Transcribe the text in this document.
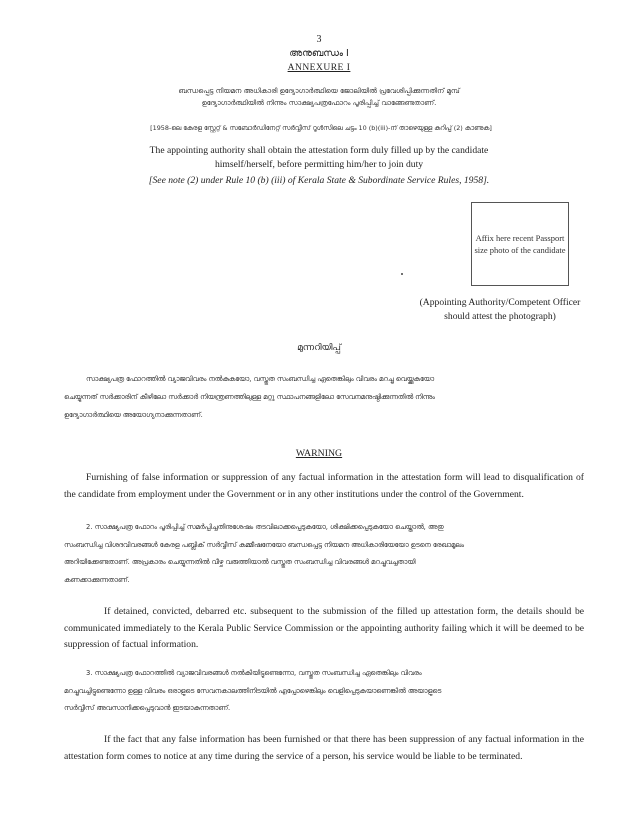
3
അനുബന്ധം I
ANNEXURE I
ബന്ധപ്പെട്ട നിയമന അധികാരി ഉദ്യോഗാർത്ഥിയെ ജോലിയിൽ പ്രവേശിപ്പിക്കുന്നതിന് മുമ്പ്
ഉദ്യോഗാർത്ഥിയിൽ നിന്നും സാക്ഷ്യപത്രഫോറം പൂരിപ്പിച്ച് വാങ്ങേണ്ടതാണ്.
[1958-ലെ കേരള സ്റ്റേറ്റ് & സബോർഡിനേറ്റ് സർവ്വീസ് റൂൾസിലെ ചട്ടം 10 (b)(iii)-ന് താഴെയുള്ള കുറിപ്പ് (2) കാണുക]
The appointing authority shall obtain the attestation form duly filled up by the candidate
himself/herself, before permitting him/her to join duty
[See note (2) under Rule 10 (b) (iii) of Kerala State & Subordinate Service Rules, 1958].
Affix here recent Passport size photo of the candidate
(Appointing Authority/Competent Officer
should attest the photograph)
മുന്നറിയിപ്പ്
സാക്ഷ്യപത്ര ഫോറത്തിൽ വ്യാജവിവരം നൽകുകയോ, വസ്തുത സംബന്ധിച്ച ഏതെങ്കിലും വിവരം മറച്ചു വെയ്ക്കുകയോ
ചെയ്യുന്നത് സർക്കാരിന് കീഴിലോ സർക്കാർ നിയന്ത്രണത്തിലുള്ള മറ്റു സ്ഥാപനങ്ങളിലോ സേവനമനുഷ്ഠിക്കുന്നതിൽ നിന്നും
ഉദ്യോഗാർത്ഥിയെ അയോഗ്യനാക്കുന്നതാണ്.
WARNING
Furnishing of false information or suppression of any factual information in the attestation form will lead to disqualification of the candidate from employment under the Government or in any other institutions under the control of the Government.
2. സാക്ഷ്യപത്ര ഫോറം പൂരിപ്പിച്ച് സമർപ്പിച്ചതിനുശേഷം തടവിലാക്കപ്പെടുകയോ, ശിക്ഷിക്കപ്പെടുകയോ ചെയ്താൽ, അതു
സംബന്ധിച്ച വിശദവിവരങ്ങൾ കേരള പബ്ലിക് സർവ്വീസ് കമ്മീഷനേയോ ബന്ധപ്പെട്ട നിയമന അധികാരിയേയോ ഉടനെ രേഖാമൂലം
അറിയിക്കേണ്ടതാണ്. അപ്രകാരം ചെയ്യുന്നതിൽ വീഴ്ച വരുത്തിയാൽ വസ്തുത സംബന്ധിച്ച വിവരങ്ങൾ മറച്ചുവച്ചതായി
കണക്കാക്കുന്നതാണ്.
If detained, convicted, debarred etc. subsequent to the submission of the filled up attestation form, the details should be communicated immediately to the Kerala Public Service Commission or the appointing authority failing which it will be deemed to be suppression of factual information.
3. സാക്ഷ്യപത്ര ഫോറത്തിൽ വ്യാജവിവരങ്ങൾ നൽകിയിട്ടുണ്ടെന്നോ, വസ്തുത സംബന്ധിച്ച ഏതെങ്കിലും വിവരം
മറച്ചുവച്ചിട്ടുണ്ടെന്നോ ഉള്ള വിവരം ഒരാളുടെ സേവനകാലത്തിനിടയിൽ എപ്പോഴെങ്കിലും വെളിപ്പെടുകയാണെങ്കിൽ അയാളുടെ
സർവ്വീസ് അവസാനിക്കപ്പെടുവാൻ ഇടയാകുന്നതാണ്.
If the fact that any false information has been furnished or that there has been suppression of any factual information in the attestation form comes to notice at any time during the service of a person, his service would be liable to be terminated.
